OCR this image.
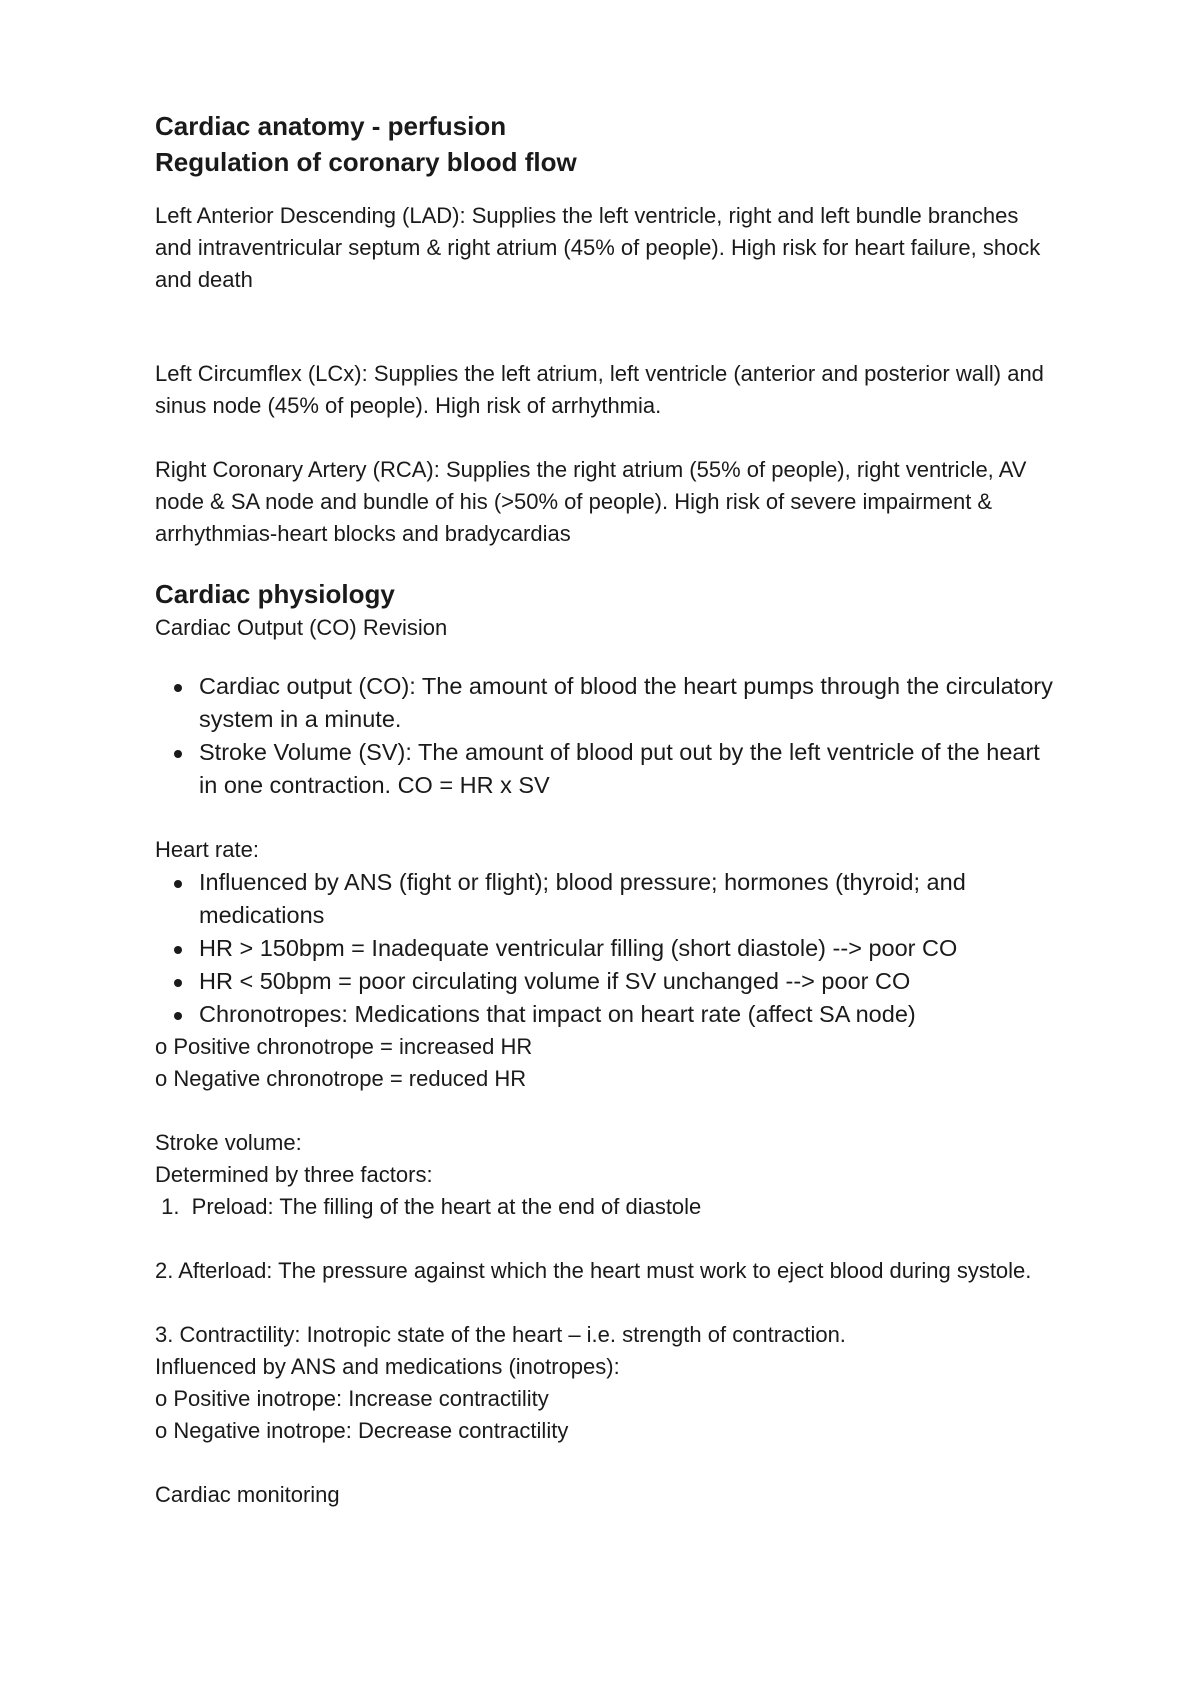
Cardiac anatomy - perfusion

Regulation of coronary blood flow

Left Anterior Descending (LAD): Supplies the left ventricle, right and left bundle branches and intraventricular septum & right atrium (45% of people). High risk for heart failure, shock and death

Left Circumflex (LCx): Supplies the left atrium, left ventricle (anterior and posterior wall) and sinus node (45% of people). High risk of arrhythmia.

Right Coronary Artery (RCA): Supplies the right atrium (55% of people), right ventricle, AV node & SA node and bundle of his (>50% of people). High risk of severe impairment & arrhythmias-heart blocks and bradycardias

Cardiac physiology

Cardiac Output (CO) Revision

Cardiac output (CO): The amount of blood the heart pumps through the circulatory system in a minute.
Stroke Volume (SV): The amount of blood put out by the left ventricle of the heart in one contraction. CO = HR x SV

Heart rate:

Influenced by ANS (fight or flight); blood pressure; hormones (thyroid; and medications
HR > 150bpm = Inadequate ventricular filling (short diastole) --> poor CO
HR < 50bpm = poor circulating volume if SV unchanged --> poor CO
Chronotropes: Medications that impact on heart rate (affect SA node)

o Positive chronotrope = increased HR

o Negative chronotrope = reduced HR

Stroke volume:

Determined by three factors:

1.  Preload: The filling of the heart at the end of diastole

2. Afterload: The pressure against which the heart must work to eject blood during systole.

3. Contractility: Inotropic state of the heart – i.e. strength of contraction.

Influenced by ANS and medications (inotropes):

o Positive inotrope: Increase contractility

o Negative inotrope: Decrease contractility

Cardiac monitoring
